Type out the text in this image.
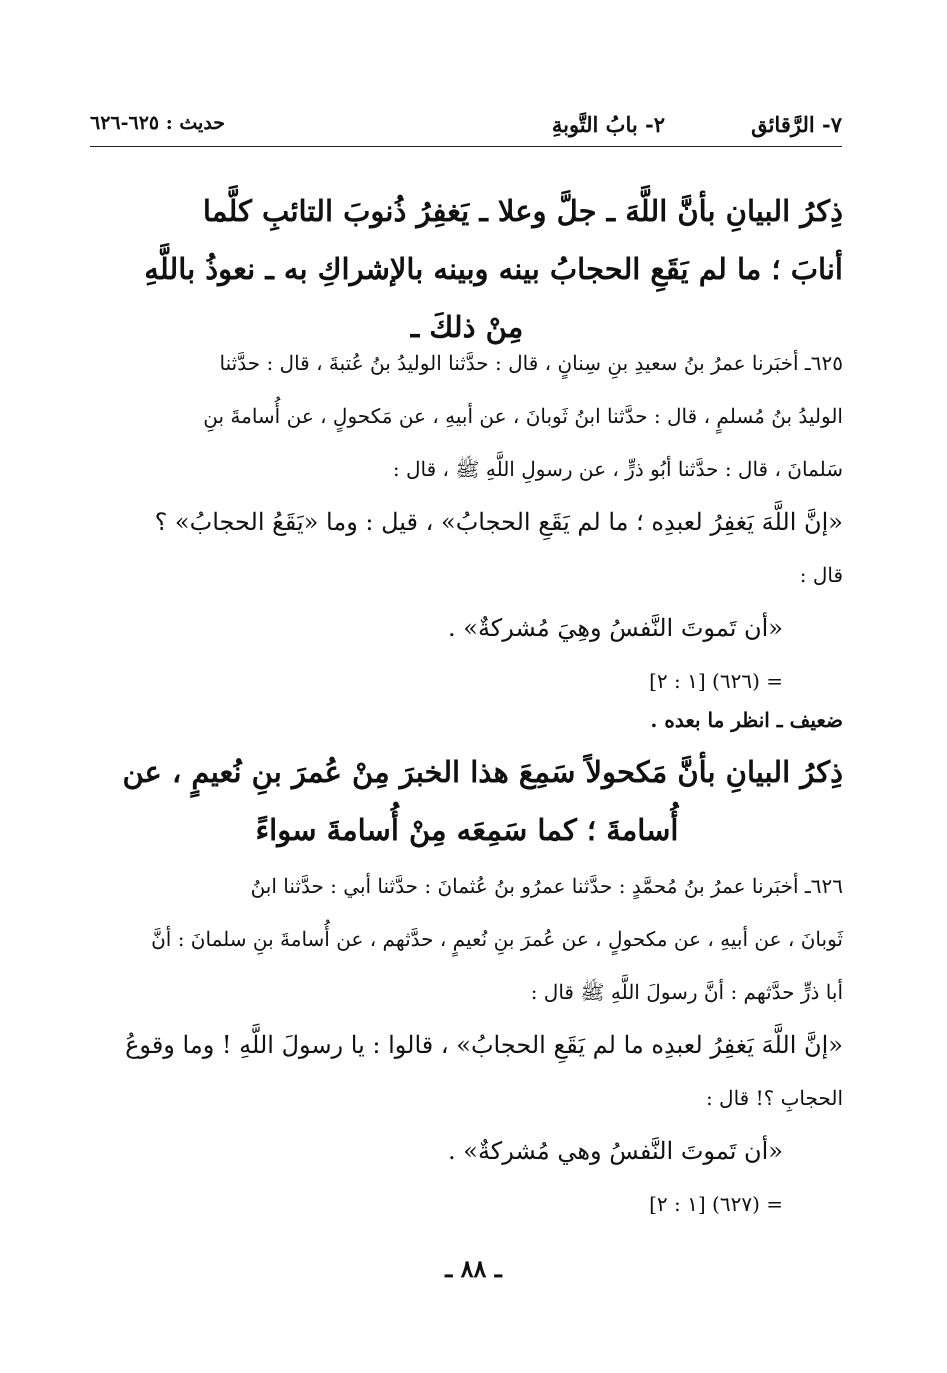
٧- الرَّقائق
٢- بابُ التَّوبةِ
حديث : ٦٢٥-٦٢٦
ذِكرُ البيانِ بأنَّ اللَّهَ ـ جلَّ وعلا ـ يَغفِرُ ذُنوبَ التائبِ كلَّما
أنابَ ؛ ما لم يَقَعِ الحجابُ بينه وبينه بالإشراكِ به ـ نعوذُ باللَّهِ
مِنْ ذلكَ ـ
٦٢٥ـ أخبَرنا عمرُ بنُ سعيدِ بنِ سِنانٍ ، قال : حدَّثنا الوليدُ بنُ عُتبةَ ، قال : حدَّثنا
الوليدُ بنُ مُسلمٍ ، قال : حدَّثنا ابنُ ثَوبانَ ، عن أبيهِ ، عن مَكحولٍ ، عن أُسامةَ بنِ
سَلمانَ ، قال : حدَّثنا أبُو ذرٍّ ، عن رسولِ اللَّهِ ﷺ ، قال :
«إنَّ اللَّهَ يَغفِرُ لعبدِه ؛ ما لم يَقَعِ الحجابُ» ، قيل : وما «يَقَعُ الحجابُ» ؟
قال :
«أن تَموتَ النَّفسُ وهِيَ مُشركةٌ» .
= (٦٢٦) [١ : ٢]
ضعيف ـ انظر ما بعده .
ذِكرُ البيانِ بأنَّ مَكحولاً سَمِعَ هذا الخبرَ مِنْ عُمرَ بنِ نُعيمٍ ، عن
أُسامةَ ؛ كما سَمِعَه مِنْ أُسامةَ سواءً
٦٢٦ـ أخبَرنا عمرُ بنُ مُحمَّدٍ : حدَّثنا عمرُو بنُ عُثمانَ : حدَّثنا أبي : حدَّثنا ابنُ
ثَوبانَ ، عن أبيهِ ، عن مكحولٍ ، عن عُمرَ بنِ نُعيمٍ ، حدَّثهم ، عن أُسامةَ بنِ سلمانَ : أنَّ
أبا ذرٍّ حدَّثهم : أنَّ رسولَ اللَّهِ ﷺ قال :
«إنَّ اللَّهَ يَغفِرُ لعبدِه ما لم يَقَعِ الحجابُ» ، قالوا : يا رسولَ اللَّهِ ! وما وقوعُ
الحجابِ ؟! قال :
«أن تَموتَ النَّفسُ وهي مُشركةٌ» .
= (٦٢٧) [١ : ٢]
ـ ٨٨ ـ
